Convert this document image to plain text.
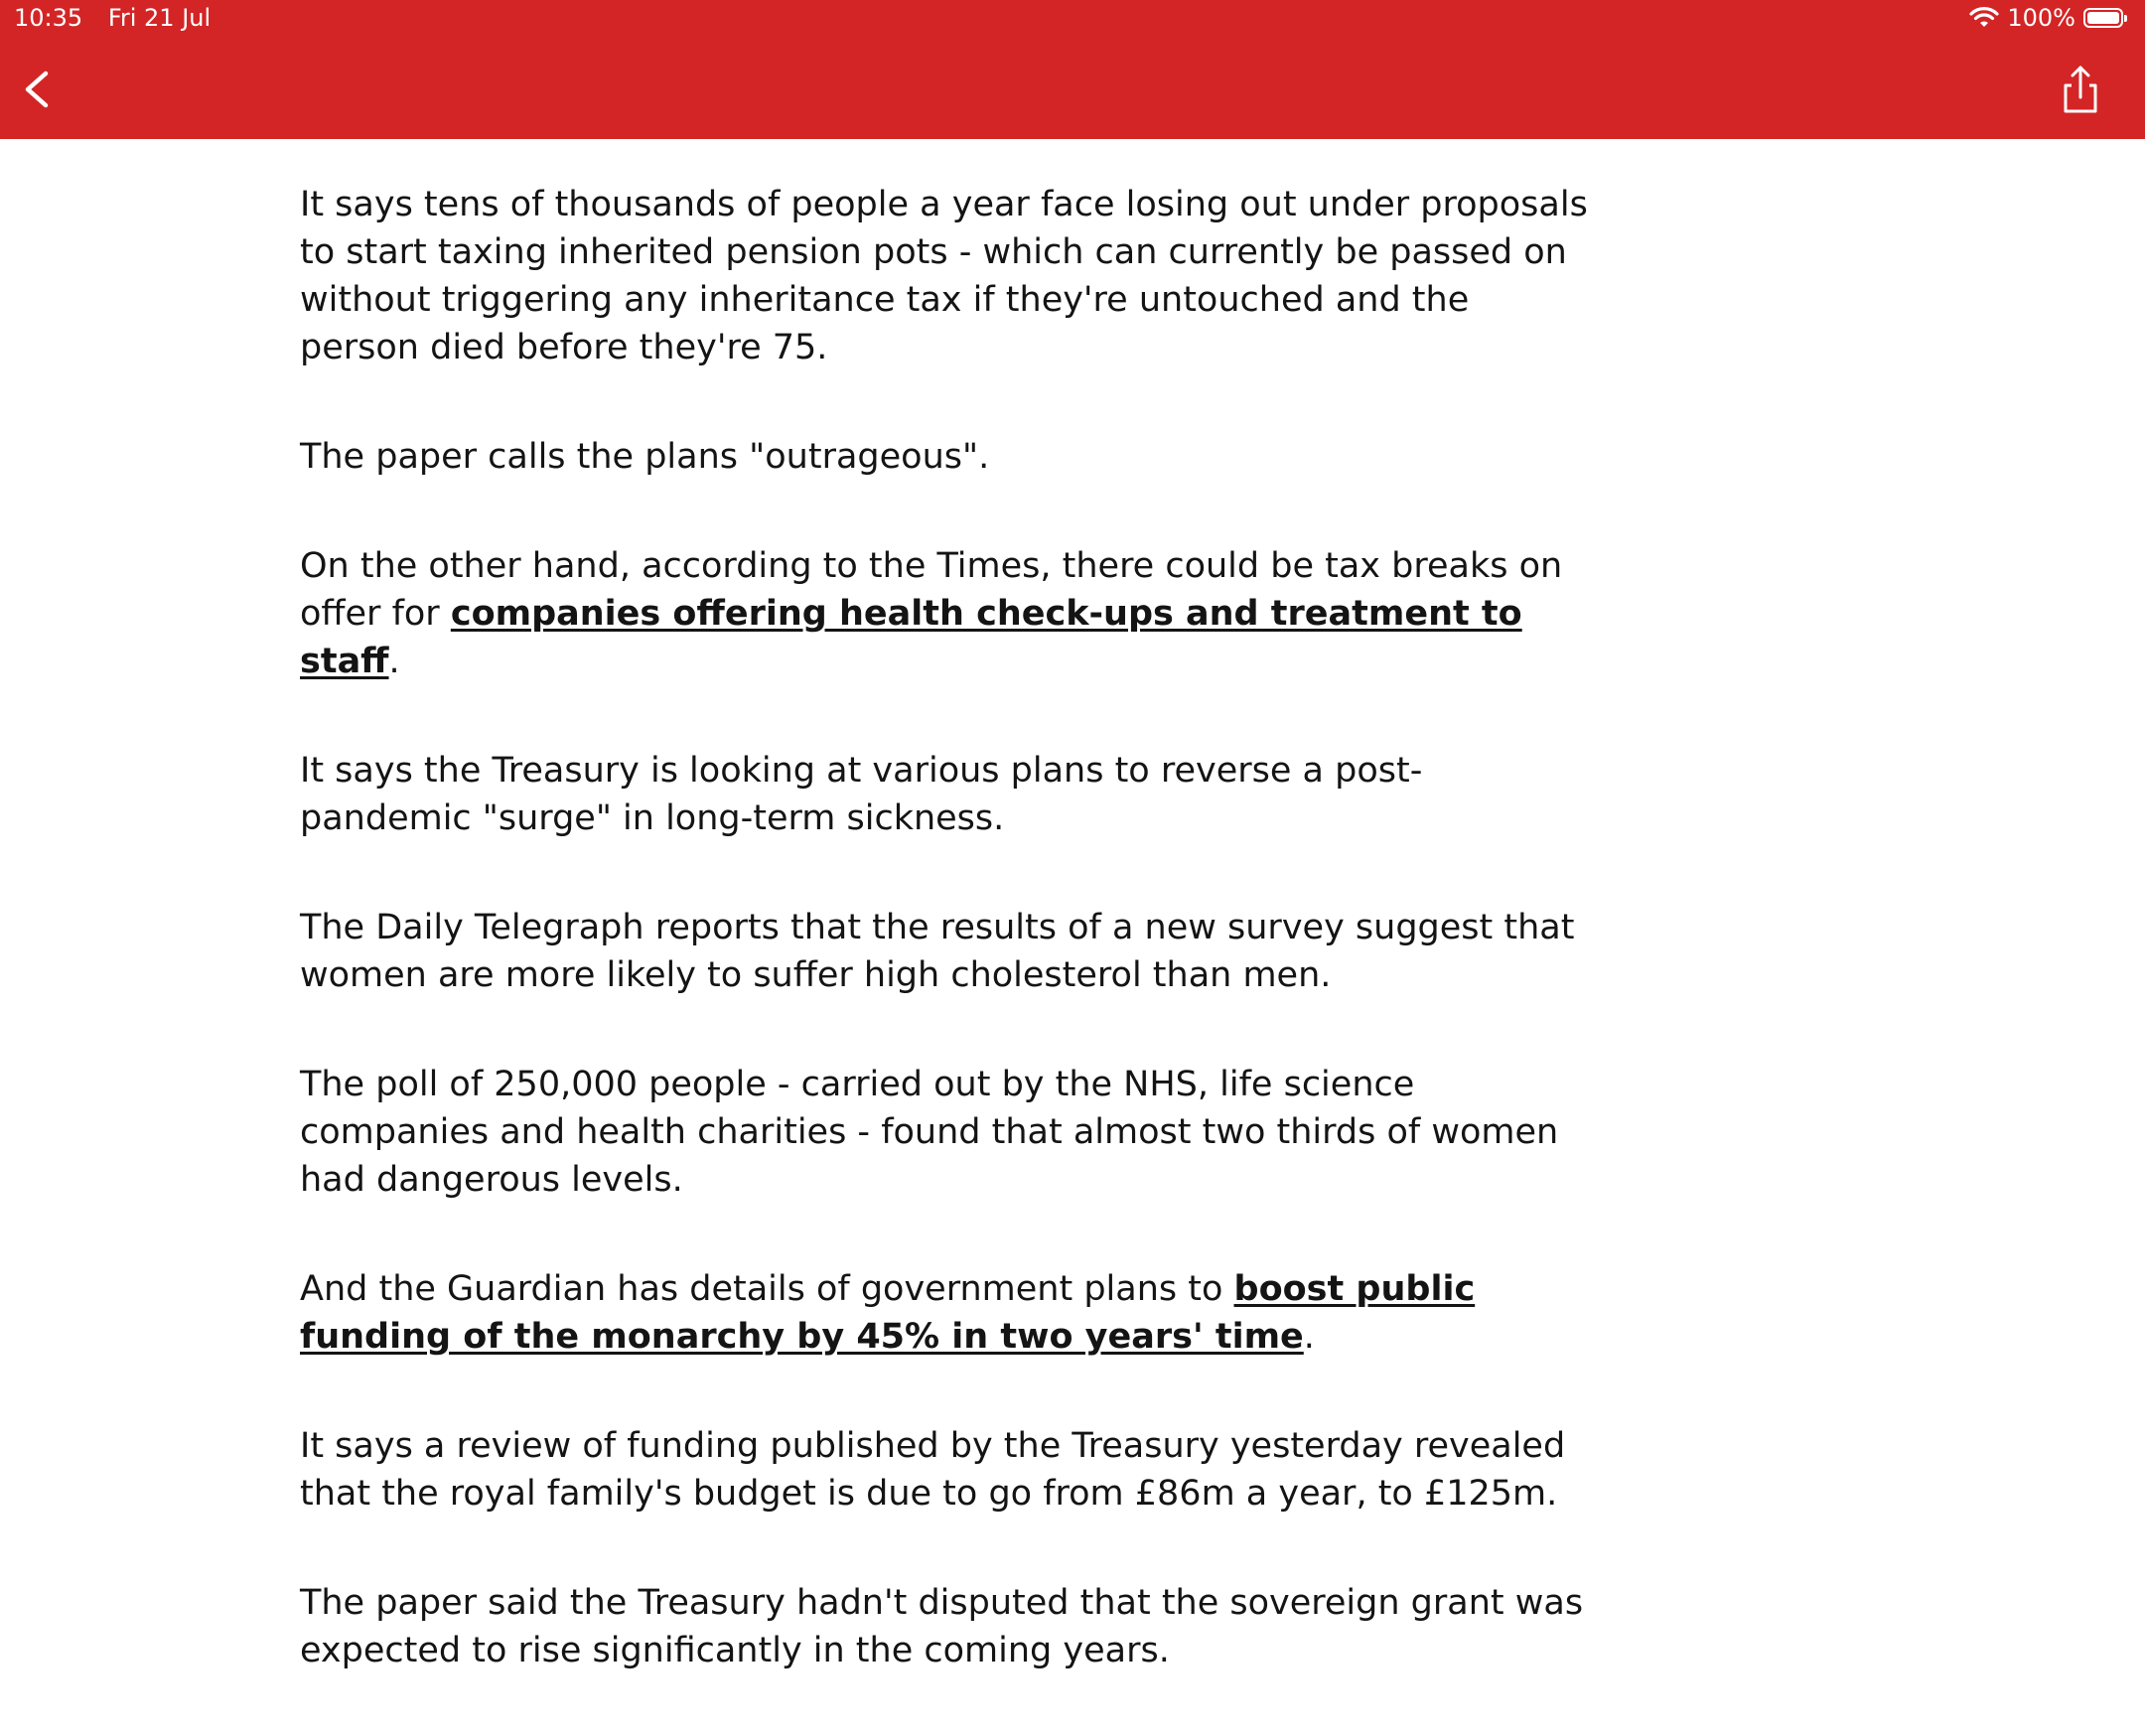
10:35 Fri 21 Jul	100%

It says tens of thousands of people a year face losing out under proposals to start taxing inherited pension pots - which can currently be passed on without triggering any inheritance tax if they're untouched and the person died before they're 75.

The paper calls the plans "outrageous".

On the other hand, according to the Times, there could be tax breaks on offer for companies offering health check-ups and treatment to staff.

It says the Treasury is looking at various plans to reverse a post-pandemic "surge" in long-term sickness.

The Daily Telegraph reports that the results of a new survey suggest that women are more likely to suffer high cholesterol than men.

The poll of 250,000 people - carried out by the NHS, life science companies and health charities - found that almost two thirds of women had dangerous levels.

And the Guardian has details of government plans to boost public funding of the monarchy by 45% in two years' time.

It says a review of funding published by the Treasury yesterday revealed that the royal family's budget is due to go from £86m a year, to £125m.

The paper said the Treasury hadn't disputed that the sovereign grant was expected to rise significantly in the coming years.
